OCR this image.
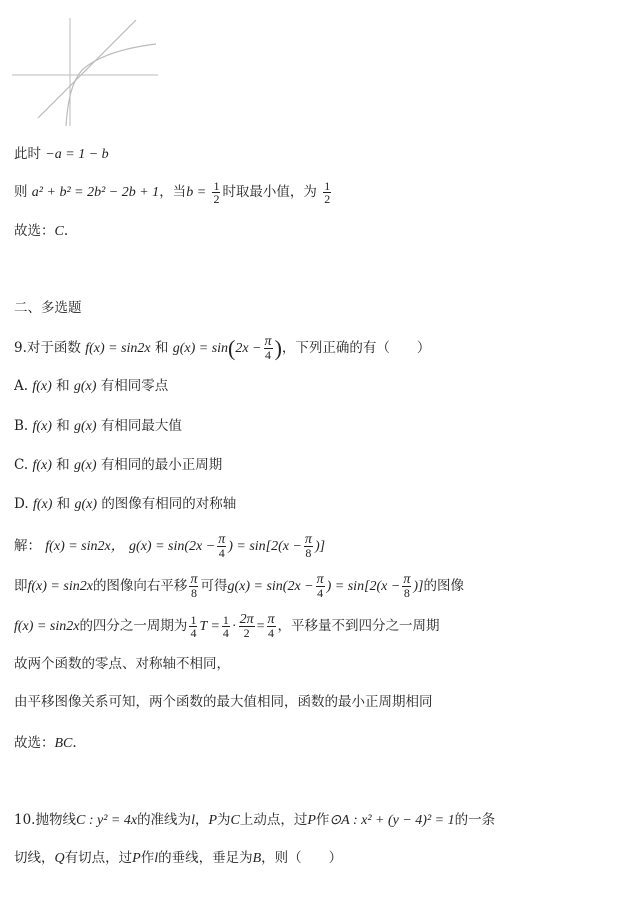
此时 −a = 1 − b
则 a² + b² = 2b² − 2b + 1，当$b = \frac{1}{2}$ 时取最小值，为 $\frac{1}{2}$
故选：C.
二、多选题
9.对于函数 f(x) = sin2x 和 $g(x) = \sin(2x - \frac{\pi}{4}$ )，下列正确的有（　　）
A. f(x) 和 g(x) 有相同零点
B. f(x) 和 g(x) 有相同最大值
C. f(x) 和 g(x) 有相同的最小正周期
D. f(x) 和 g(x) 的图像有相同的对称轴
解： f(x) = sin2x， $g(x) = \sin(2x - \frac{\pi}{4}$ ) = $\sin[2(x - \frac{\pi}{8}$ )]
即f(x) = sin2x的图像向右平移 $\frac{\pi}{8}$ 可得$g(x) = \sin(2x - \frac{\pi}{4}$ ) = $\sin[2(x - \frac{\pi}{8}$ )]的图像
f(x) = sin2x的四分之一周期为 $\frac{1}{4}$ $T = \frac{1}{4} \cdot \frac{2\pi}{2} = \frac{\pi}{4}$ ，平移量不到四分之一周期
故两个函数的零点、对称轴不相同，
由平移图像关系可知，两个函数的最大值相同，函数的最小正周期相同
故选：BC.
10.抛物线C : y² = 4x的准线为l，P为C上动点，过P作⊙A : x² + (y − 4)² = 1的一条
切线，Q有切点，过P作l的垂线，垂足为B，则（　　）
